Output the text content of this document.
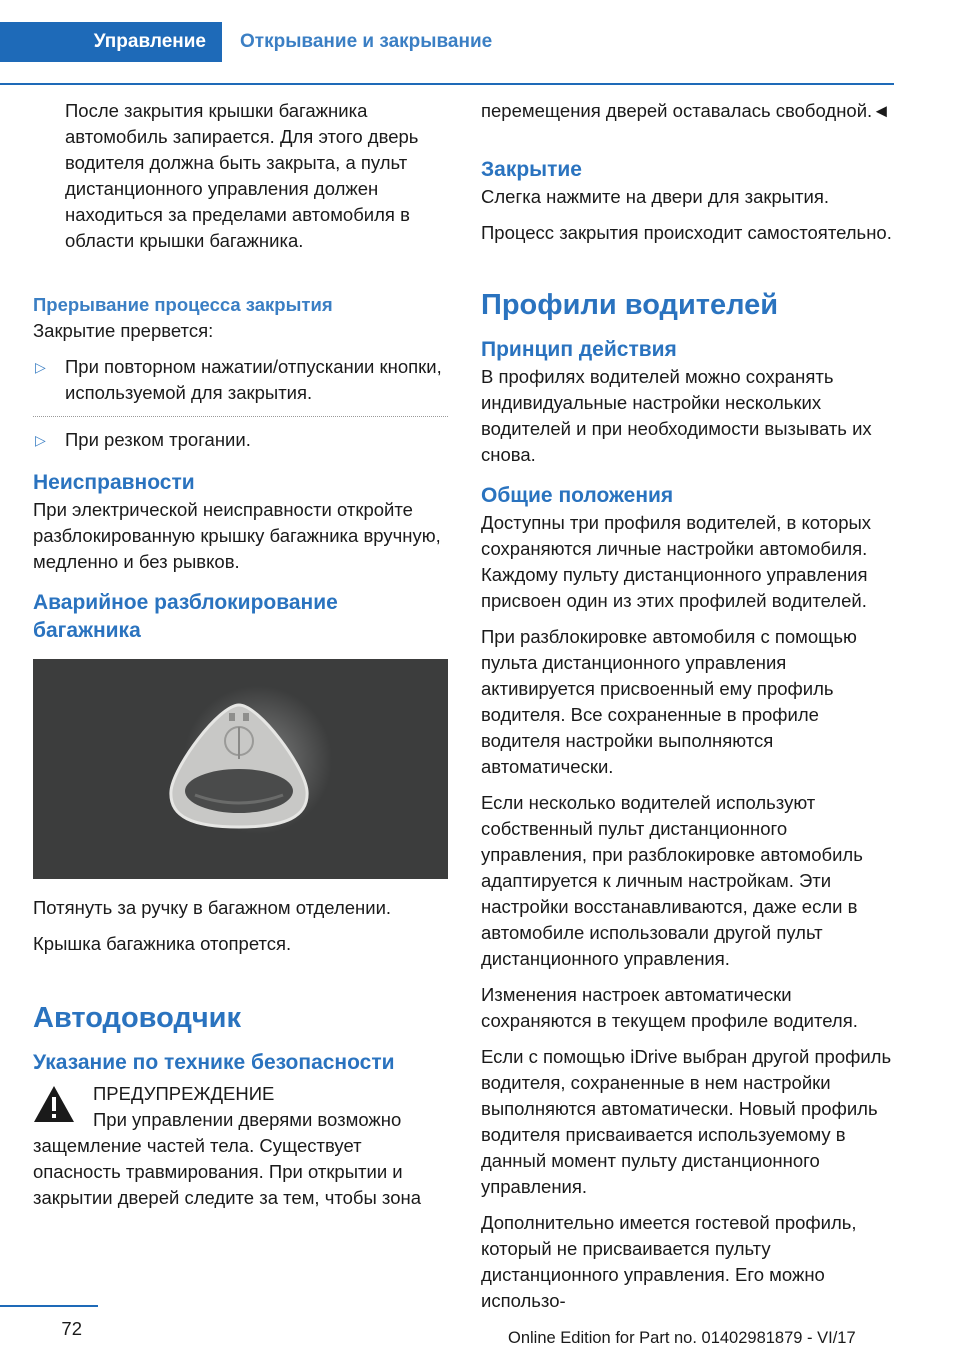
Управление	Открывание и закрывание

После закрытия крышки багажника автомобиль запирается. Для этого дверь водителя должна быть закрыта, а пульт дистанционного управления должен находиться за пределами автомобиля в области крышки багажника.

Прерывание процесса закрытия

Закрытие прервется:

▷ При повторном нажатии/отпускании кнопки, используемой для закрытия.
▷ При резком трогании.

Неисправности

При электрической неисправности откройте разблокированную крышку багажника вручную, медленно и без рывков.

Аварийное разблокирование багажника

Потянуть за ручку в багажном отделении.

Крышка багажника отопрется.

Автодоводчик

Указание по технике безопасности

ПРЕДУПРЕЖДЕНИЕ

При управлении дверями возможно защемление частей тела. Существует опасность травмирования. При открытии и закрытии дверей следите за тем, чтобы зона

перемещения дверей оставалась свободной.◄

Закрытие

Слегка нажмите на двери для закрытия.

Процесс закрытия происходит самостоятельно.

Профили водителей

Принцип действия

В профилях водителей можно сохранять индивидуальные настройки нескольких водителей и при необходимости вызывать их снова.

Общие положения

Доступны три профиля водителей, в которых сохраняются личные настройки автомобиля. Каждому пульту дистанционного управления присвоен один из этих профилей водителей.

При разблокировке автомобиля с помощью пульта дистанционного управления активируется присвоенный ему профиль водителя. Все сохраненные в профиле водителя настройки выполняются автоматически.

Если несколько водителей используют собственный пульт дистанционного управления, при разблокировке автомобиль адаптируется к личным настройкам. Эти настройки восстанавливаются, даже если в автомобиле использовали другой пульт дистанционного управления.

Изменения настроек автоматически сохраняются в текущем профиле водителя.

Если с помощью iDrive выбран другой профиль водителя, сохраненные в нем настройки выполняются автоматически. Новый профиль водителя присваивается используемому в данный момент пульту дистанционного управления.

Дополнительно имеется гостевой профиль, который не присваивается пульту дистанционного управления. Его можно использо-

72	Online Edition for Part no. 01402981879 - VI/17
